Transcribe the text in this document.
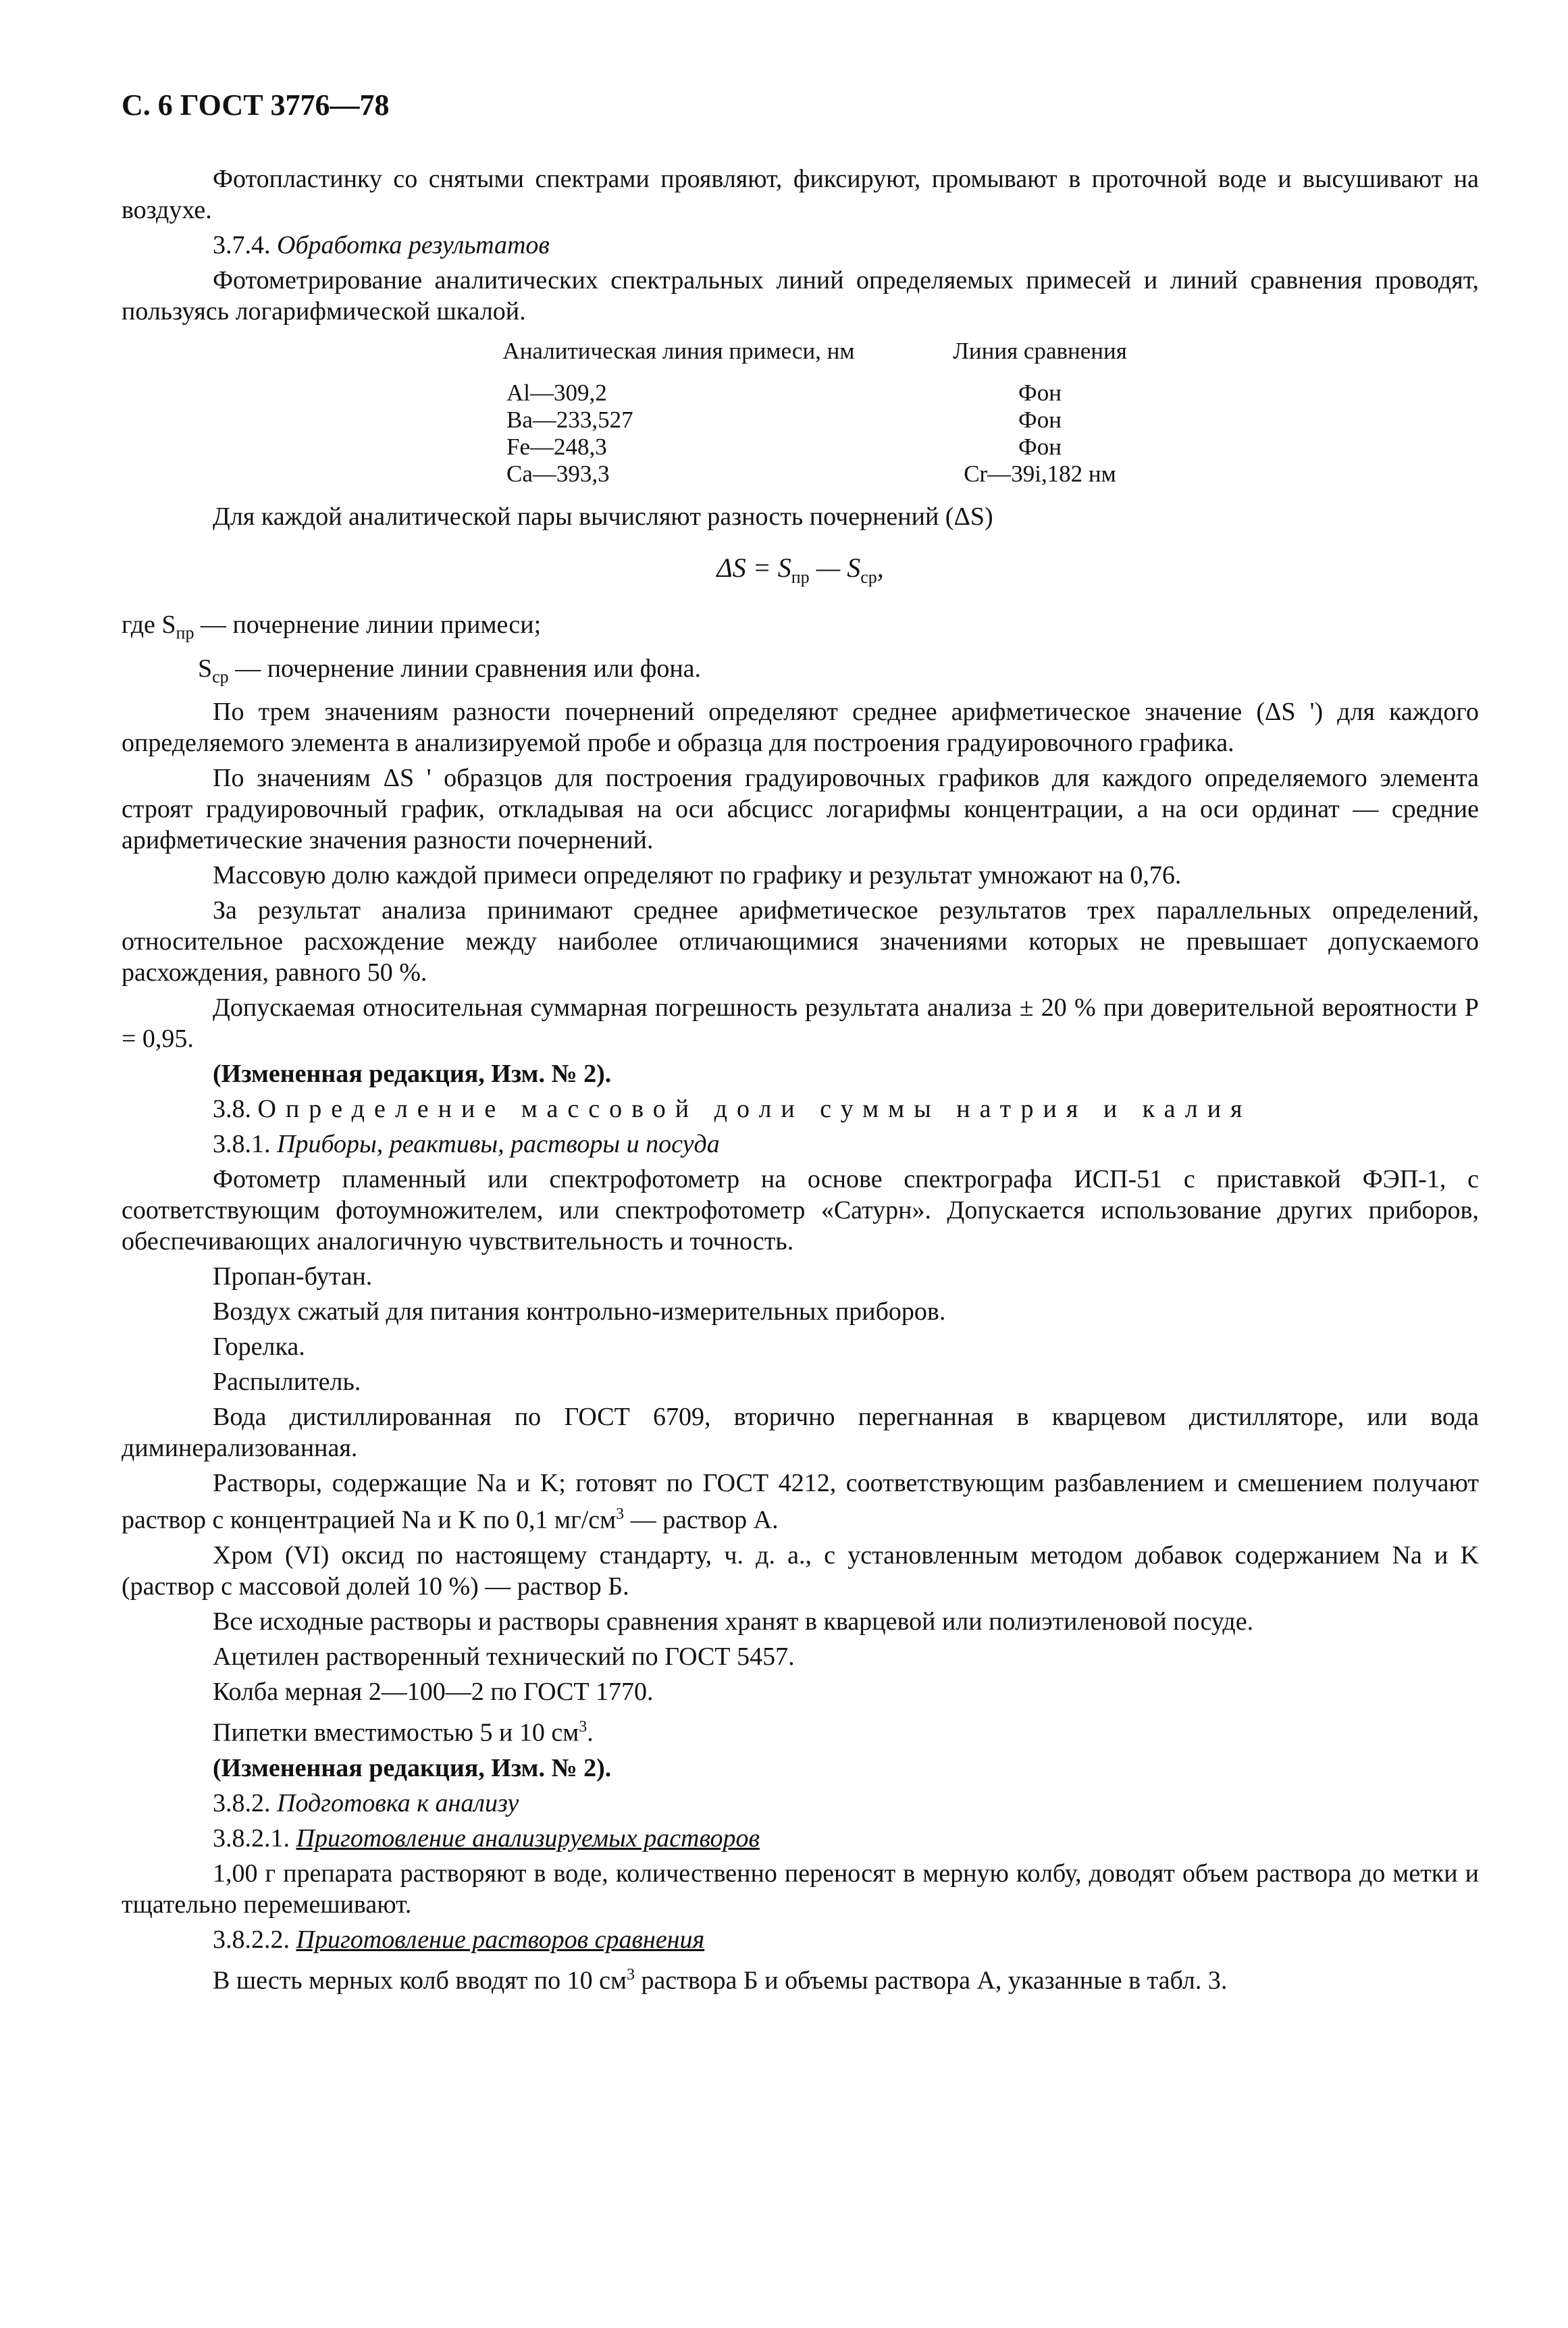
С. 6 ГОСТ 3776—78

Фотопластинку со снятыми спектрами проявляют, фиксируют, промывают в проточной воде и высушивают на воздухе.

3.7.4. Обработка результатов

Фотометрирование аналитических спектральных линий определяемых примесей и линий сравнения проводят, пользуясь логарифмической шкалой.

Аналитическая линия примеси, нм	Линия сравнения
Al—309,2	Фон
Ba—233,527	Фон
Fe—248,3	Фон
Ca—393,3	Cr—39i,182 нм

Для каждой аналитической пары вычисляют разность почернений (ΔS)

$\Delta S = S_{пр}$ — $S_{ср}$,

где $S_{пр}$ — почернение линии примеси;

$S_{ср}$ — почернение линии сравнения или фона.

По трем значениям разности почернений определяют среднее арифметическое значение (ΔS ') для каждого определяемого элемента в анализируемой пробе и образца для построения градуировочного графика.

По значениям ΔS ' образцов для построения градуировочных графиков для каждого определяемого элемента строят градуировочный график, откладывая на оси абсцисс логарифмы концентрации, а на оси ординат — средние арифметические значения разности почернений.

Массовую долю каждой примеси определяют по графику и результат умножают на 0,76.

За результат анализа принимают среднее арифметическое результатов трех параллельных определений, относительное расхождение между наиболее отличающимися значениями которых не превышает допускаемого расхождения, равного 50 %.

Допускаемая относительная суммарная погрешность результата анализа ± 20 % при доверительной вероятности P = 0,95.

(Измененная редакция, Изм. № 2).

3.8. Определение массовой доли суммы натрия и калия

3.8.1. Приборы, реактивы, растворы и посуда

Фотометр пламенный или спектрофотометр на основе спектрографа ИСП-51 с приставкой ФЭП-1, с соответствующим фотоумножителем, или спектрофотометр «Сатурн». Допускается использование других приборов, обеспечивающих аналогичную чувствительность и точность.

Пропан-бутан.

Воздух сжатый для питания контрольно-измерительных приборов.

Горелка.

Распылитель.

Вода дистиллированная по ГОСТ 6709, вторично перегнанная в кварцевом дистилляторе, или вода диминерализованная.

Растворы, содержащие Na и K; готовят по ГОСТ 4212, соответствующим разбавлением и смешением получают раствор с концентрацией Na и K по 0,1 $мг/см^3$ — раствор А.

Хром (VI) оксид по настоящему стандарту, ч. д. а., с установленным методом добавок содержанием Na и K (раствор с массовой долей 10 %) — раствор Б.

Все исходные растворы и растворы сравнения хранят в кварцевой или полиэтиленовой посуде.

Ацетилен растворенный технический по ГОСТ 5457.

Колба мерная 2—100—2 по ГОСТ 1770.

Пипетки вместимостью 5 и 10 $см^3$.

(Измененная редакция, Изм. № 2).

3.8.2. Подготовка к анализу

3.8.2.1. Приготовление анализируемых растворов

1,00 г препарата растворяют в воде, количественно переносят в мерную колбу, доводят объем раствора до метки и тщательно перемешивают.

3.8.2.2. Приготовление растворов сравнения

В шесть мерных колб вводят по 10 $см^3$ раствора Б и объемы раствора А, указанные в табл. 3.
